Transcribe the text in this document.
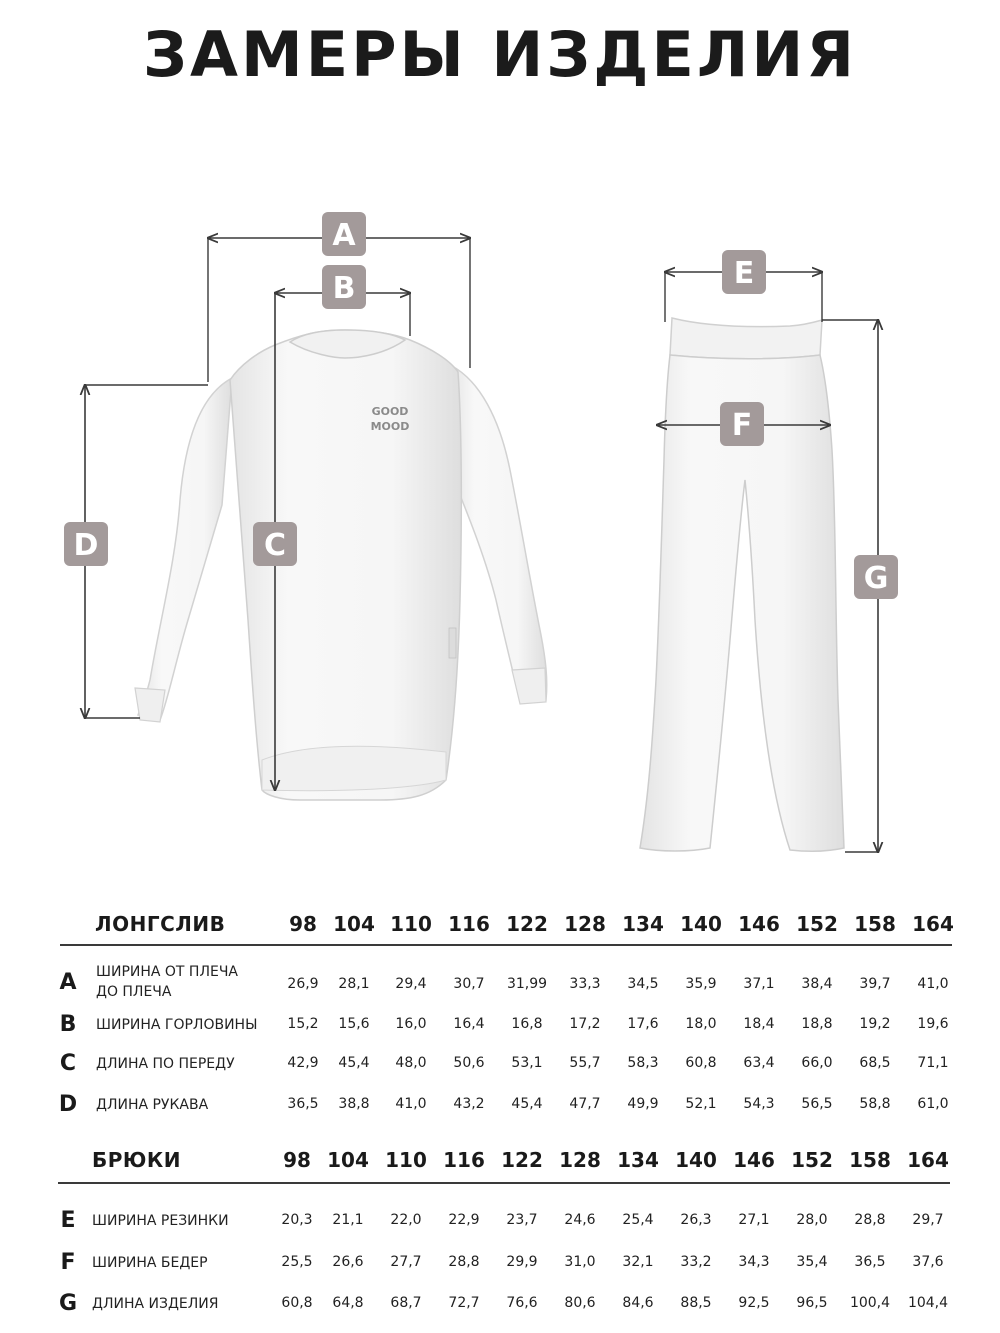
ЗАМЕРЫ ИЗДЕЛИЯ
GOOD
MOOD
A
B
C
D
E
F
G
ЛОНГСЛИВ	98 104 110 116 122 128 134 140 146 152 158 164
A ШИРИНА ОТ ПЛЕЧА
ДО ПЛЕЧА	26,9	28,1	29,4	30,7	31,99	33,3	34,5	35,9	37,1	38,4	39,7	41,0
B ШИРИНА ГОРЛОВИНЫ	15,2	15,6	16,0	16,4	16,8	17,2	17,6	18,0	18,4	18,8	19,2	19,6
C ДЛИНА ПО ПЕРЕДУ	42,9	45,4	48,0	50,6	53,1	55,7	58,3	60,8	63,4	66,0	68,5	71,1
D ДЛИНА РУКАВА	36,5	38,8	41,0	43,2	45,4	47,7	49,9	52,1	54,3	56,5	58,8	61,0
БРЮКИ	98 104 110 116 122 128 134 140 146 152 158 164
E	ШИРИНА РЕЗИНКИ	20,3	21,1	22,0	22,9	23,7	24,6	25,4	26,3	27,1	28,0	28,8	29,7
F	ШИРИНА БЕДЕР	25,5	26,6	27,7	28,8	29,9	31,0	32,1	33,2	34,3	35,4	36,5	37,6
G ДЛИНА ИЗДЕЛИЯ	60,8	64,8	68,7	72,7	76,6	80,6	84,6	88,5	92,5	96,5	100,4	104,4
